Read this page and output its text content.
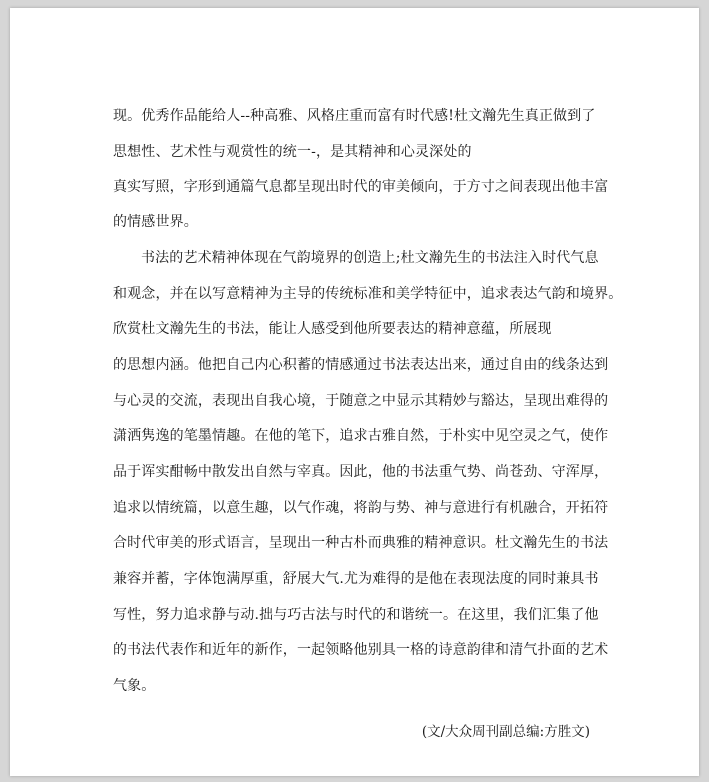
现。优秀作品能给人--种高雅、风格庄重而富有时代感!杜文瀚先生真正做到了
思想性、艺术性与观赏性的统一-，是其精神和心灵深处的
真实写照，字形到通篇气息都呈现出时代的审美倾向，于方寸之间表现出他丰富
的情感世界。
书法的艺术精神体现在气韵境界的创造上;杜文瀚先生的书法注入时代气息
和观念，并在以写意精神为主导的传统标准和美学特征中，追求表达气韵和境界。
欣赏杜文瀚先生的书法，能让人感受到他所要表达的精神意蕴，所展现
的思想内涵。他把自己内心积蓄的情感通过书法表达出来，通过自由的线条达到
与心灵的交流，表现出自我心境，于随意之中显示其精妙与豁达，呈现出难得的
潇洒隽逸的笔墨情趣。在他的笔下，追求古雅自然，于朴实中见空灵之气，使作
品于诨实酣畅中散发出自然与宰真。因此，他的书法重气势、尚苍劲、守浑厚，
追求以情统篇，以意生趣，以气作魂，将韵与势、神与意进行有机融合，开拓符
合时代审美的形式语言，呈现出一种古朴而典雅的精神意识。杜文瀚先生的书法
兼容并蓄，字体饱满厚重，舒展大气.尤为难得的是他在表现法度的同时兼具书
写性，努力追求静与动.拙与巧古法与时代的和谐统一。在这里，我们汇集了他
的书法代表作和近年的新作，一起领略他别具一格的诗意韵律和清气扑面的艺术
气象。
(文/大众周刊副总编:方胜文)
